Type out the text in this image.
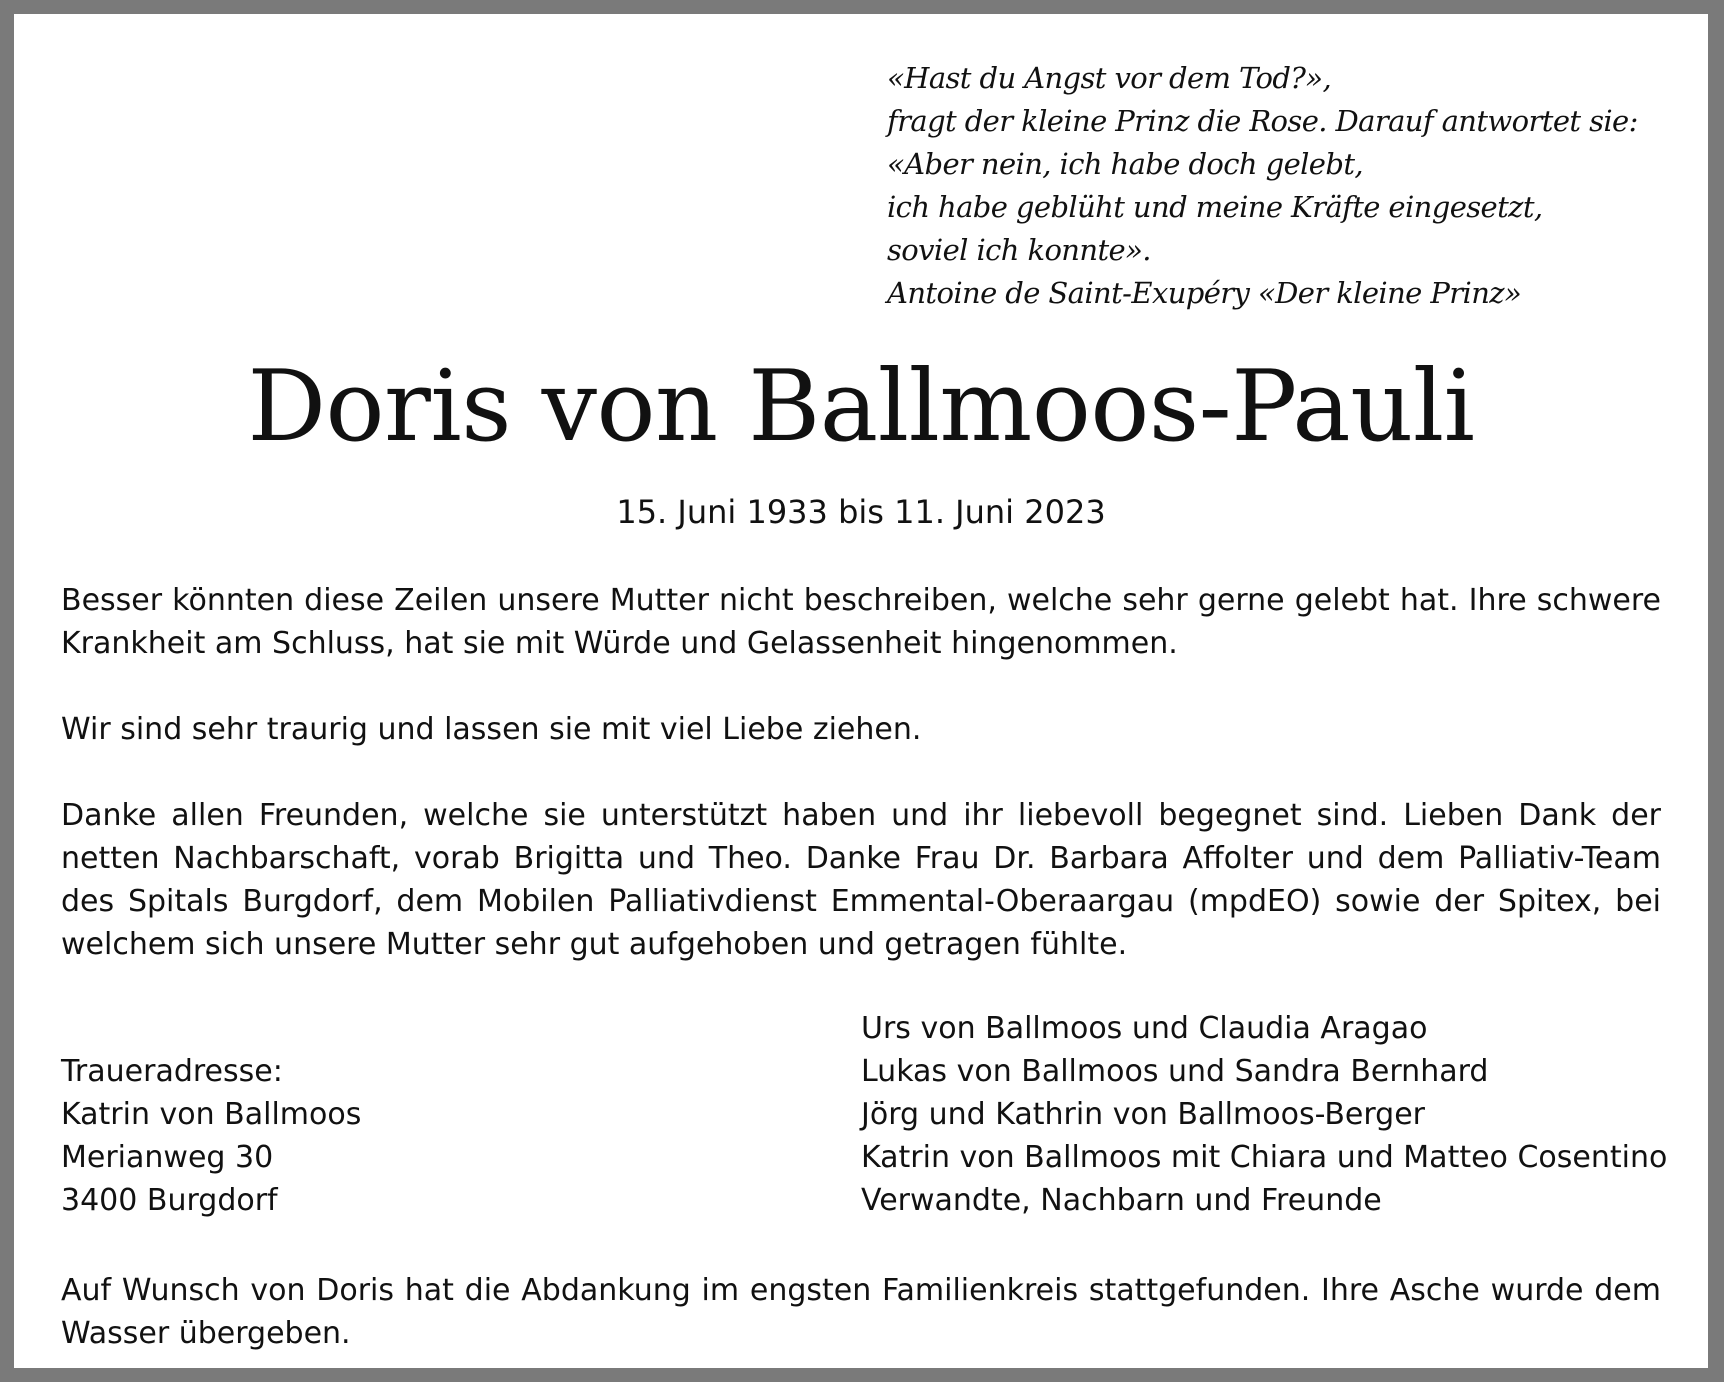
«Hast du Angst vor dem Tod?»,
fragt der kleine Prinz die Rose. Darauf antwortet sie:
«Aber nein, ich habe doch gelebt,
ich habe geblüht und meine Kräfte eingesetzt,
soviel ich konnte».
Antoine de Saint-Exupéry «Der kleine Prinz»
Doris von Ballmoos-Pauli
15. Juni 1933 bis 11. Juni 2023
Besser könnten diese Zeilen unsere Mutter nicht beschreiben, welche sehr gerne gelebt hat. Ihre schwere Krankheit am Schluss, hat sie mit Würde und Gelassenheit hingenommen.
Wir sind sehr traurig und lassen sie mit viel Liebe ziehen.
Danke allen Freunden, welche sie unterstützt haben und ihr liebevoll begegnet sind. Lieben Dank der netten Nachbarschaft, vorab Brigitta und Theo. Danke Frau Dr. Barbara Affolter und dem Palliativ-Team des Spitals Burgdorf, dem Mobilen Palliativdienst Emmental-Oberaargau (mpdEO) sowie der Spitex, bei welchem sich unsere Mutter sehr gut aufgehoben und getragen fühlte.
Traueradresse:
Katrin von Ballmoos
Merianweg 30
3400 Burgdorf
Urs von Ballmoos und Claudia Aragao
Lukas von Ballmoos und Sandra Bernhard
Jörg und Kathrin von Ballmoos-Berger
Katrin von Ballmoos mit Chiara und Matteo Cosentino
Verwandte, Nachbarn und Freunde
Auf Wunsch von Doris hat die Abdankung im engsten Familienkreis stattgefunden. Ihre Asche wurde dem Wasser übergeben.
